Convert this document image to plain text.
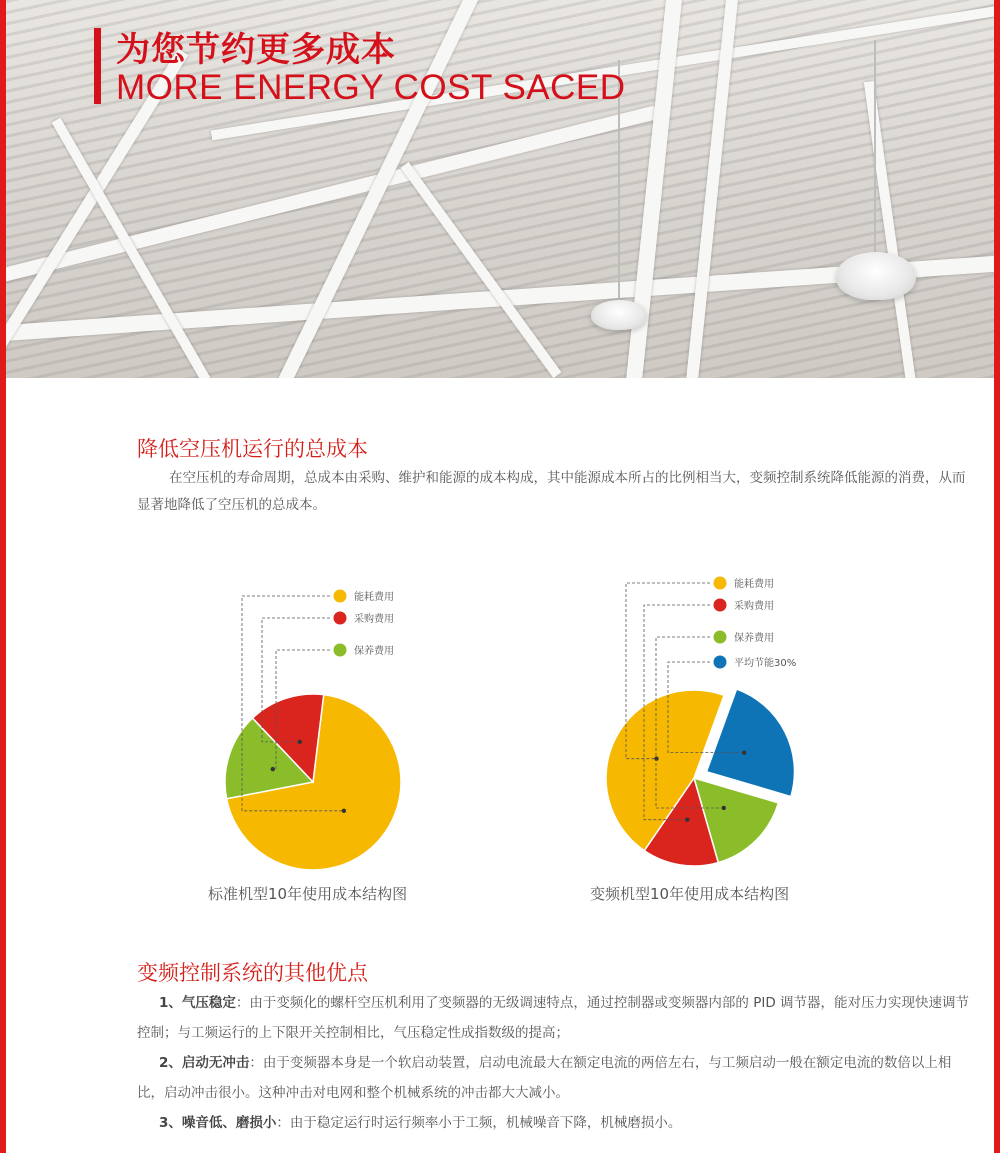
为您节约更多成本
MORE ENERGY COST SACED
降低空压机运行的总成本
在空压机的寿命周期，总成本由采购、维护和能源的成本构成，其中能源成本所占的比例相当大，变频控制系统降低能源的消费，从而显著地降低了空压机的总成本。
能耗费用
采购费用
保养费用
能耗费用
采购费用
保养费用
平均节能30%
标准机型10年使用成本结构图	变频机型10年使用成本结构图
变频控制系统的其他优点
1、气压稳定：由于变频化的螺杆空压机利用了变频器的无级调速特点，通过控制器或变频器内部的 PID 调节器，能对压力实现快速调节控制；与工频运行的上下限开关控制相比，气压稳定性成指数级的提高；
2、启动无冲击：由于变频器本身是一个软启动装置，启动电流最大在额定电流的两倍左右，与工频启动一般在额定电流的数倍以上相比，启动冲击很小。这种冲击对电网和整个机械系统的冲击都大大减小。
3、噪音低、磨损小：由于稳定运行时运行频率小于工频，机械噪音下降，机械磨损小。
